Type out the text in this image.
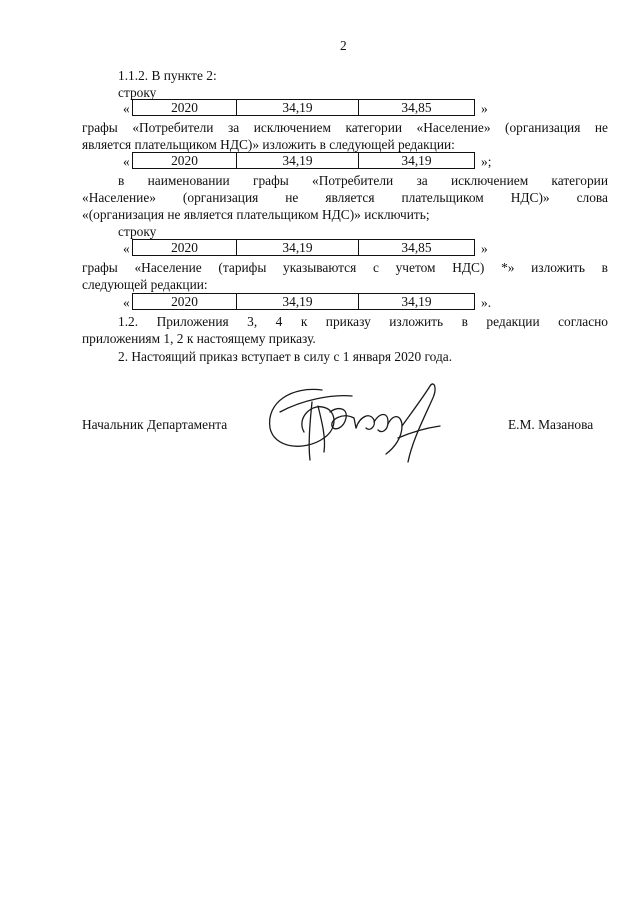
2
1.1.2. В пункте 2:
строку
«	2020	34,19	34,85	»
графы «Потребители за исключением категории «Население» (организация не
является плательщиком НДС)» изложить в следующей редакции:
«	2020	34,19	34,19	»;
в наименовании графы «Потребители за исключением категории
«Население» (организация не является плательщиком НДС)» слова
«(организация не является плательщиком НДС)» исключить;
строку
«	2020	34,19	34,85	»
графы «Население (тарифы указываются с учетом НДС) *» изложить в
следующей редакции:
«	2020	34,19	34,19	».
1.2. Приложения 3, 4 к приказу изложить в редакции согласно
приложениям 1, 2 к настоящему приказу.
2. Настоящий приказ вступает в силу с 1 января 2020 года.
Начальник Департамента	Е.М. Мазанова
